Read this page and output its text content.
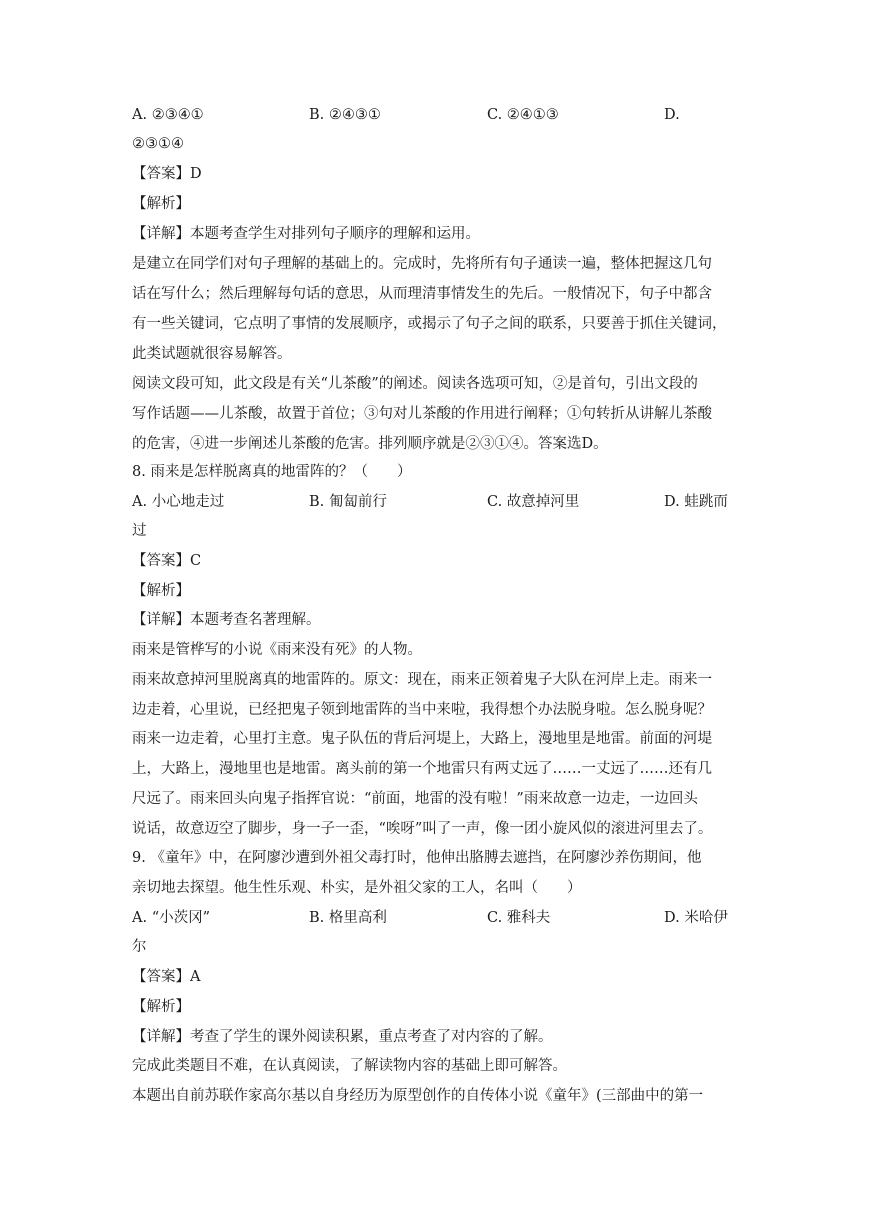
A. ②③④①	B. ②④③①	C. ②④①③	D.
②③①④
【答案】D
【解析】
【详解】本题考查学生对排列句子顺序的理解和运用。
是建立在同学们对句子理解的基础上的。完成时，先将所有句子通读一遍，整体把握这几句
话在写什么；然后理解每句话的意思，从而理清事情发生的先后。一般情况下，句子中都含
有一些关键词，它点明了事情的发展顺序，或揭示了句子之间的联系，只要善于抓住关键词，
此类试题就很容易解答。
阅读文段可知，此文段是有关“儿茶酸”的阐述。阅读各选项可知，②是首句，引出文段的
写作话题——儿茶酸，故置于首位；③句对儿茶酸的作用进行阐释；①句转折从讲解儿茶酸
的危害，④进一步阐述儿茶酸的危害。排列顺序就是②③①④。答案选D。
8. 雨来是怎样脱离真的地雷阵的？（　　）
A. 小心地走过	B. 匍匐前行	C. 故意掉河里	D. 蛙跳而
过
【答案】C
【解析】
【详解】本题考查名著理解。
雨来是管桦写的小说《雨来没有死》的人物。
雨来故意掉河里脱离真的地雷阵的。原文：现在，雨来正领着鬼子大队在河岸上走。雨来一
边走着，心里说，已经把鬼子领到地雷阵的当中来啦，我得想个办法脱身啦。怎么脱身呢？
雨来一边走着，心里打主意。鬼子队伍的背后河堤上，大路上，漫地里是地雷。前面的河堤
上，大路上，漫地里也是地雷。离头前的第一个地雷只有两丈远了……一丈远了……还有几
尺远了。雨来回头向鬼子指挥官说：“前面，地雷的没有啦！”雨来故意一边走，一边回头
说话，故意迈空了脚步，身一子一歪，“唉呀”叫了一声，像一团小旋风似的滚进河里去了。
9. 《童年》中，在阿廖沙遭到外祖父毒打时，他伸出胳膊去遮挡，在阿廖沙养伤期间，他
亲切地去探望。他生性乐观、朴实，是外祖父家的工人，名叫（　　）
A. “小茨冈”	B. 格里高利	C. 雅科夫	D. 米哈伊
尔
【答案】A
【解析】
【详解】考查了学生的课外阅读积累，重点考查了对内容的了解。
完成此类题目不难，在认真阅读，了解读物内容的基础上即可解答。
本题出自前苏联作家高尔基以自身经历为原型创作的自传体小说《童年》(三部曲中的第一
